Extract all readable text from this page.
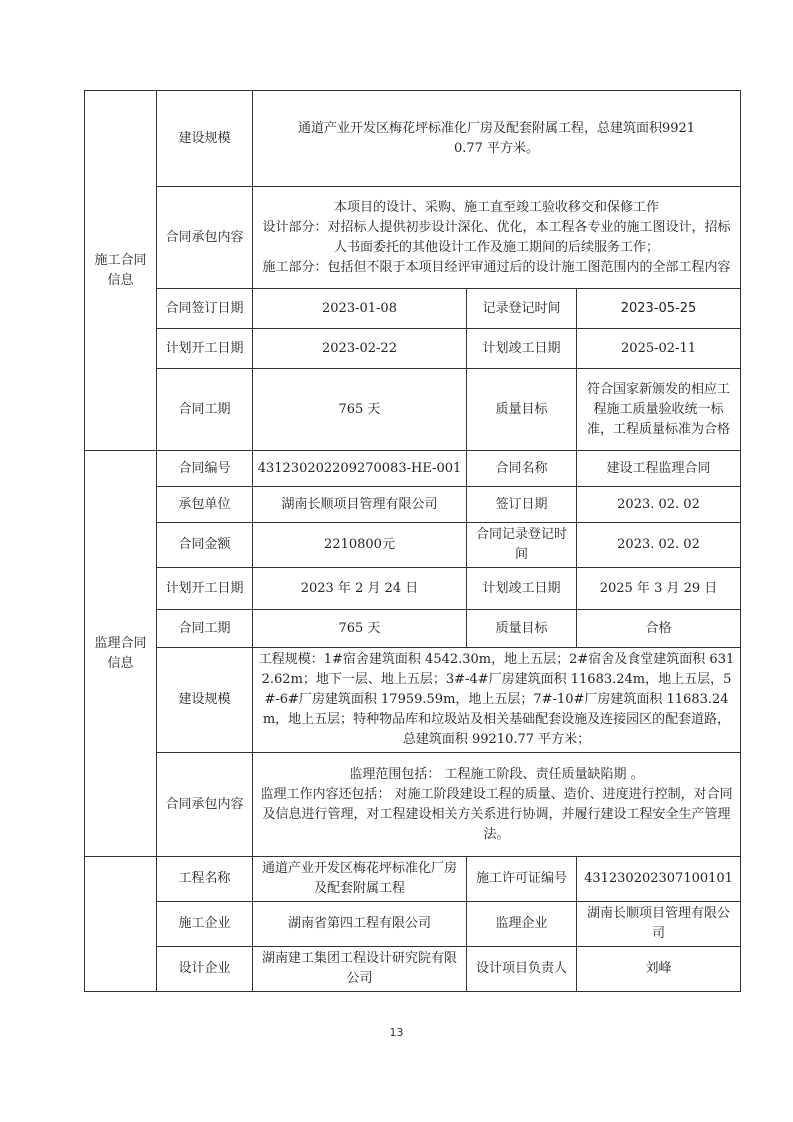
施工合同信息	建设规模	通道产业开发区梅花坪标准化厂房及配套附属工程，总建筑面积99210.77 平方米。		
	合同承包内容	本项目的设计、采购、施工直至竣工验收移交和保修工作
设计部分：对招标人提供初步设计深化、优化，本工程各专业的施工图设计，招标人书面委托的其他设计工作及施工期间的后续服务工作；
施工部分：包括但不限于本项目经评审通过后的设计施工图范围内的全部工程内容		

	合同签订日期	2023-01-08	记录登记时间	2023-05-25
	计划开工日期	2023-02-22	计划竣工日期	2025-02-11
	合同工期	765 天	质量目标	符合国家新颁发的相应工程施工质量验收统一标准，工程质量标准为合格

监理合同信息	合同编号	431230202209270083-HE-001	合同名称	建设工程监理合同
	承包单位	湖南长顺项目管理有限公司	签订日期	2023. 02. 02
	合同金额	2210800元	合同记录登记时间	2023. 02. 02
	计划开工日期	2023 年 2 月 24 日	计划竣工日期	2025 年 3 月 29 日
	合同工期	765 天	质量目标	合格
	建设规模	工程规模：1#宿舍建筑面积 4542.30m，地上五层；2#宿舍及食堂建筑面积 6312.62m；地下一层、地上五层；3#-4#厂房建筑面积 11683.24m，地上五层，5#-6#厂房建筑面积 17959.59m，地上五层；7#-10#厂房建筑面积 11683.24m，地上五层；特种物品库和垃圾站及相关基础配套设施及连接园区的配套道路，总建筑面积 99210.77 平方米；		
	合同承包内容	监理范围包括： 工程施工阶段、责任质量缺陷期 。
监理工作内容还包括： 对施工阶段建设工程的质量、造价、进度进行控制，对合同及信息进行管理，对工程建设相关方关系进行协调，并履行建设工程安全生产管理法。		

	工程名称	通道产业开发区梅花坪标准化厂房及配套附属工程	施工许可证编号	431230202307100101
	施工企业	湖南省第四工程有限公司	监理企业	湖南长顺项目管理有限公司
	设计企业	湖南建工集团工程设计研究院有限公司	设计项目负责人	刘峰
13
